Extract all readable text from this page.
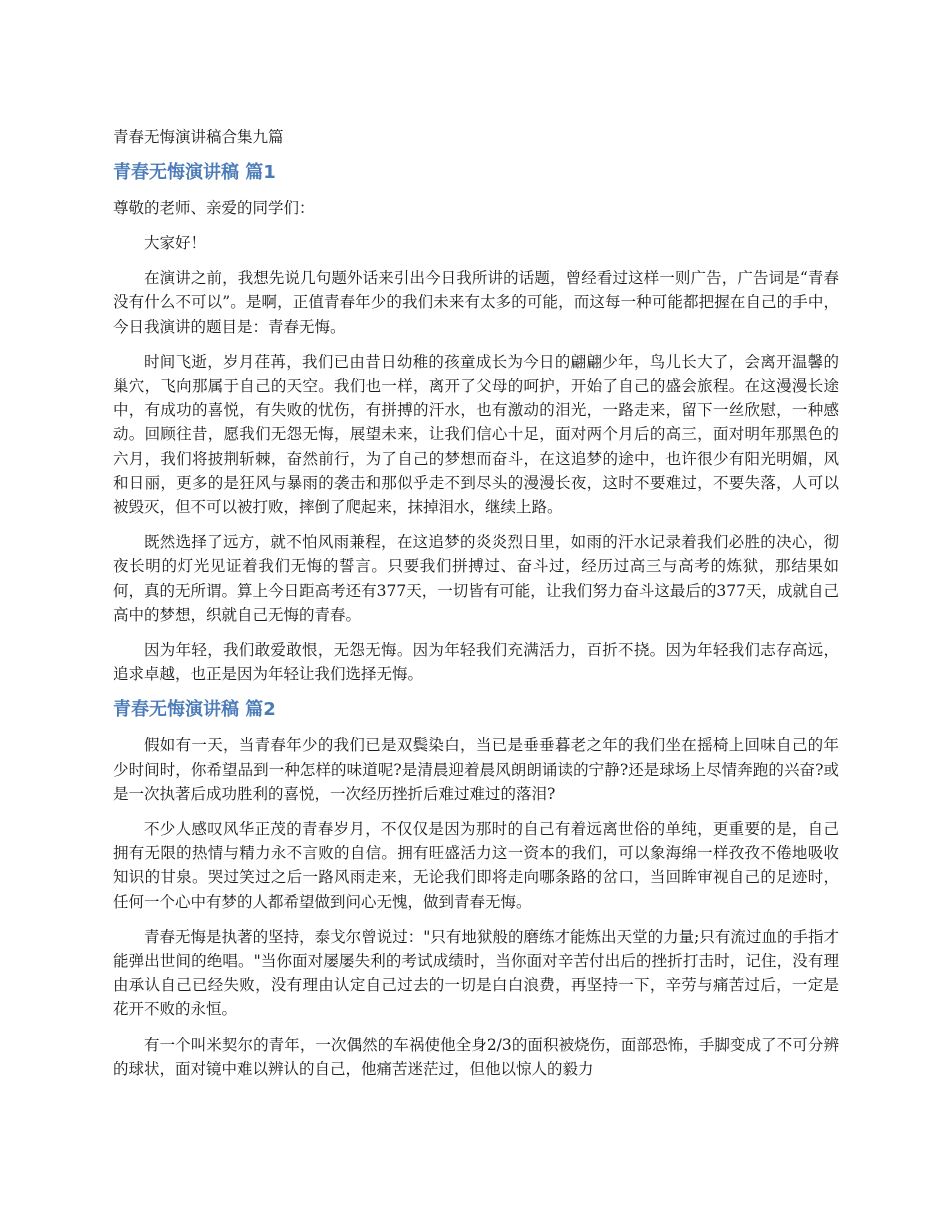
青春无悔演讲稿合集九篇
青春无悔演讲稿 篇1
尊敬的老师、亲爱的同学们：

大家好！

在演讲之前，我想先说几句题外话来引出今日我所讲的话题，曾经看过这样一则广告，广告词是“青春没有什么不可以”。是啊，正值青春年少的我们未来有太多的可能，而这每一种可能都把握在自己的手中，今日我演讲的题目是：青春无悔。

时间飞逝，岁月荏苒，我们已由昔日幼稚的孩童成长为今日的翩翩少年，鸟儿长大了，会离开温馨的巢穴，飞向那属于自己的天空。我们也一样，离开了父母的呵护，开始了自己的盛会旅程。在这漫漫长途中，有成功的喜悦，有失败的忧伤，有拼搏的汗水，也有激动的泪光，一路走来，留下一丝欣慰，一种感动。回顾往昔，愿我们无怨无悔，展望未来，让我们信心十足，面对两个月后的高三，面对明年那黑色的六月，我们将披荆斩棘，奋然前行，为了自己的梦想而奋斗，在这追梦的途中，也许很少有阳光明媚，风和日丽，更多的是狂风与暴雨的袭击和那似乎走不到尽头的漫漫长夜，这时不要难过，不要失落，人可以被毁灭，但不可以被打败，摔倒了爬起来，抹掉泪水，继续上路。

既然选择了远方，就不怕风雨兼程，在这追梦的炎炎烈日里，如雨的汗水记录着我们必胜的决心，彻夜长明的灯光见证着我们无悔的誓言。只要我们拼搏过、奋斗过，经历过高三与高考的炼狱，那结果如何，真的无所谓。算上今日距高考还有377天，一切皆有可能，让我们努力奋斗这最后的377天，成就自己高中的梦想，织就自己无悔的青春。

因为年轻，我们敢爱敢恨，无怨无悔。因为年轻我们充满活力，百折不挠。因为年轻我们志存高远，追求卓越，也正是因为年轻让我们选择无悔。

青春无悔演讲稿 篇2

假如有一天，当青春年少的我们已是双鬓染白，当已是垂垂暮老之年的我们坐在摇椅上回味自己的年少时间时，你希望品到一种怎样的味道呢?是清晨迎着晨风朗朗诵读的宁静?还是球场上尽情奔跑的兴奋?或是一次执著后成功胜利的喜悦，一次经历挫折后难过难过的落泪?

不少人感叹风华正茂的青春岁月，不仅仅是因为那时的自己有着远离世俗的单纯，更重要的是，自己拥有无限的热情与精力永不言败的自信。拥有旺盛活力这一资本的我们，可以象海绵一样孜孜不倦地吸收知识的甘泉。哭过笑过之后一路风雨走来，无论我们即将走向哪条路的岔口，当回眸审视自己的足迹时，任何一个心中有梦的人都希望做到问心无愧，做到青春无悔。

青春无悔是执著的坚持，泰戈尔曾说过："只有地狱般的磨练才能炼出天堂的力量;只有流过血的手指才能弹出世间的绝唱。"当你面对屡屡失利的考试成绩时，当你面对辛苦付出后的挫折打击时，记住，没有理由承认自己已经失败，没有理由认定自己过去的一切是白白浪费，再坚持一下，辛劳与痛苦过后，一定是花开不败的永恒。

有一个叫米契尔的青年，一次偶然的车祸使他全身2/3的面积被烧伤，面部恐怖，手脚变成了不可分辨的球状，面对镜中难以辨认的自己，他痛苦迷茫过，但他以惊人的毅力
